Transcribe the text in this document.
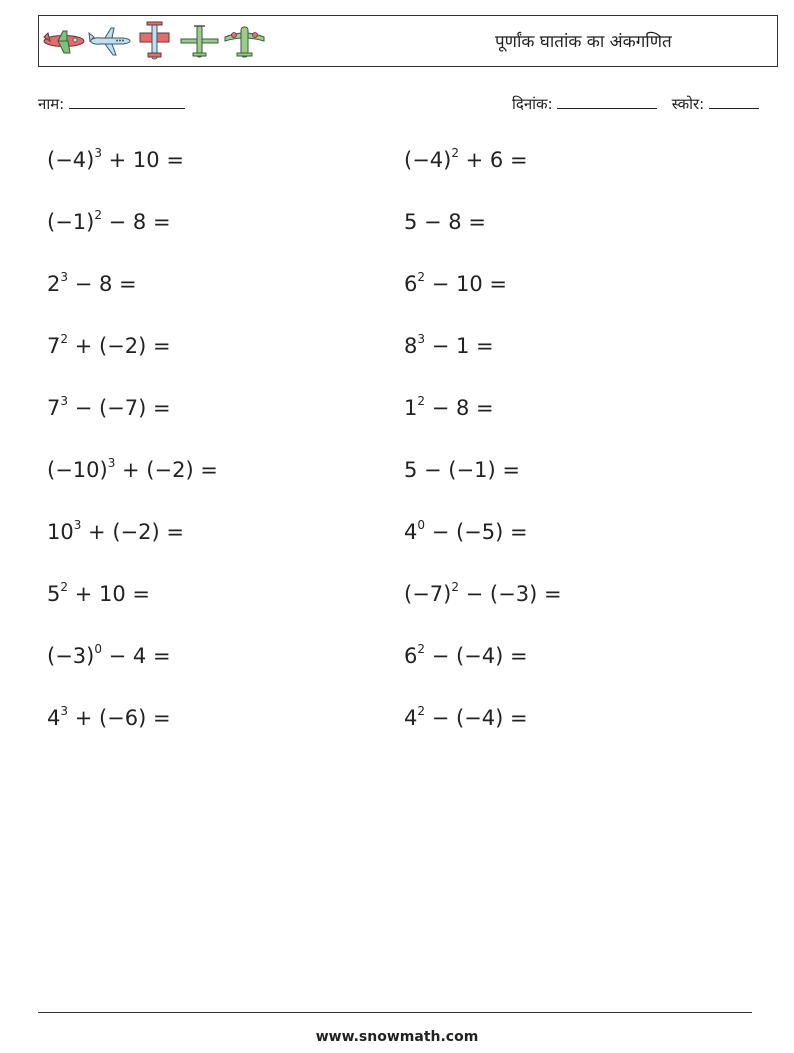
पूर्णांक घातांक का अंकगणित
नाम:	दिनांक:	स्कोर:
$(-4)^3 + 10$ =
$(-1)^2 - 8$ =
$2^3 - 8$ =
$7^2 + (-2)$ =
$7^3 - (-7)$ =
$(-10)^3 + (-2)$ =
$10^3 + (-2)$ =
$5^2 + 10$ =
$(-3)^0 - 4$ =
$4^3 + (-6)$ =
$(-4)^2 + 6$ =
5 − 8 =
$6^2 - 10$ =
$8^3 - 1$ =
$1^2 - 8$ =
5 − (−1) =
$4^0 - (-5)$ =
$(-7)^2 - (-3)$ =
$6^2 - (-4)$ =
$4^2 - (-4)$ =
www.snowmath.com
